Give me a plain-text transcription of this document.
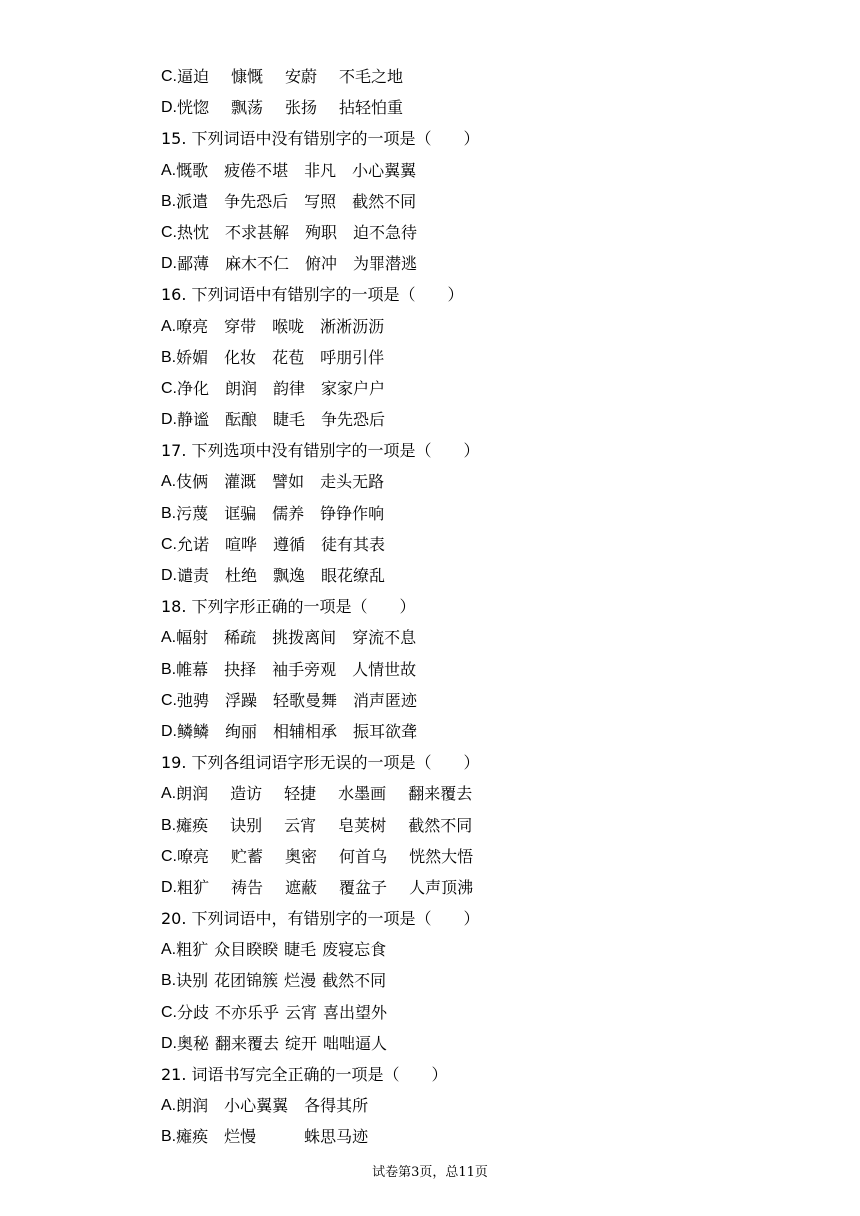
C. 逼迫 慷慨 安蔚 不毛之地
D. 恍惚 飘荡 张扬 拈轻怕重
15. 下列词语中没有错别字的一项是（　　）
A. 慨歌 疲倦不堪 非凡 小心翼翼
B. 派遣 争先恐后 写照 截然不同
C. 热忱 不求甚解 殉职 迫不急待
D. 鄙薄 麻木不仁 俯冲 为罪潜逃
16. 下列词语中有错别字的一项是（　　）
A. 嘹亮 穿带 喉咙 淅淅沥沥
B. 娇媚 化妆 花苞 呼朋引伴
C. 净化 朗润 韵律 家家户户
D. 静谧 酝酿 睫毛 争先恐后
17. 下列选项中没有错别字的一项是（　　）
A. 伎俩 灌溉 譬如 走头无路
B. 污蔑 诓骗 儒养 铮铮作响
C. 允诺 喧哗 遵循 徒有其表
D. 谴责 杜绝 飘逸 眼花缭乱
18. 下列字形正确的一项是（　　）
A. 幅射 稀疏 挑拨离间 穿流不息
B. 帷幕 抉择 袖手旁观 人情世故
C. 弛骋 浮躁 轻歌曼舞 消声匿迹
D. 鳞鳞 绚丽 相辅相承 振耳欲聋
19. 下列各组词语字形无误的一项是（　　）
A. 朗润 造访 轻捷 水墨画 翻来覆去
B. 瘫痪 诀别 云宵 皂荚树 截然不同
C. 嘹亮 贮蓄 奥密 何首乌 恍然大悟
D. 粗犷 祷告 遮蔽 覆盆子 人声顶沸
20. 下列词语中，有错别字的一项是（　　）
A. 粗犷 众目睽睽 睫毛 废寝忘食
B. 诀别 花团锦簇 烂漫 截然不同
C. 分歧 不亦乐乎 云宵 喜出望外
D. 奥秘 翻来覆去 绽开 咄咄逼人
21. 词语书写完全正确的一项是（　　）
A. 朗润 小心翼翼 各得其所
B. 瘫痪 烂慢	蛛思马迹
试卷第3页，总11页
